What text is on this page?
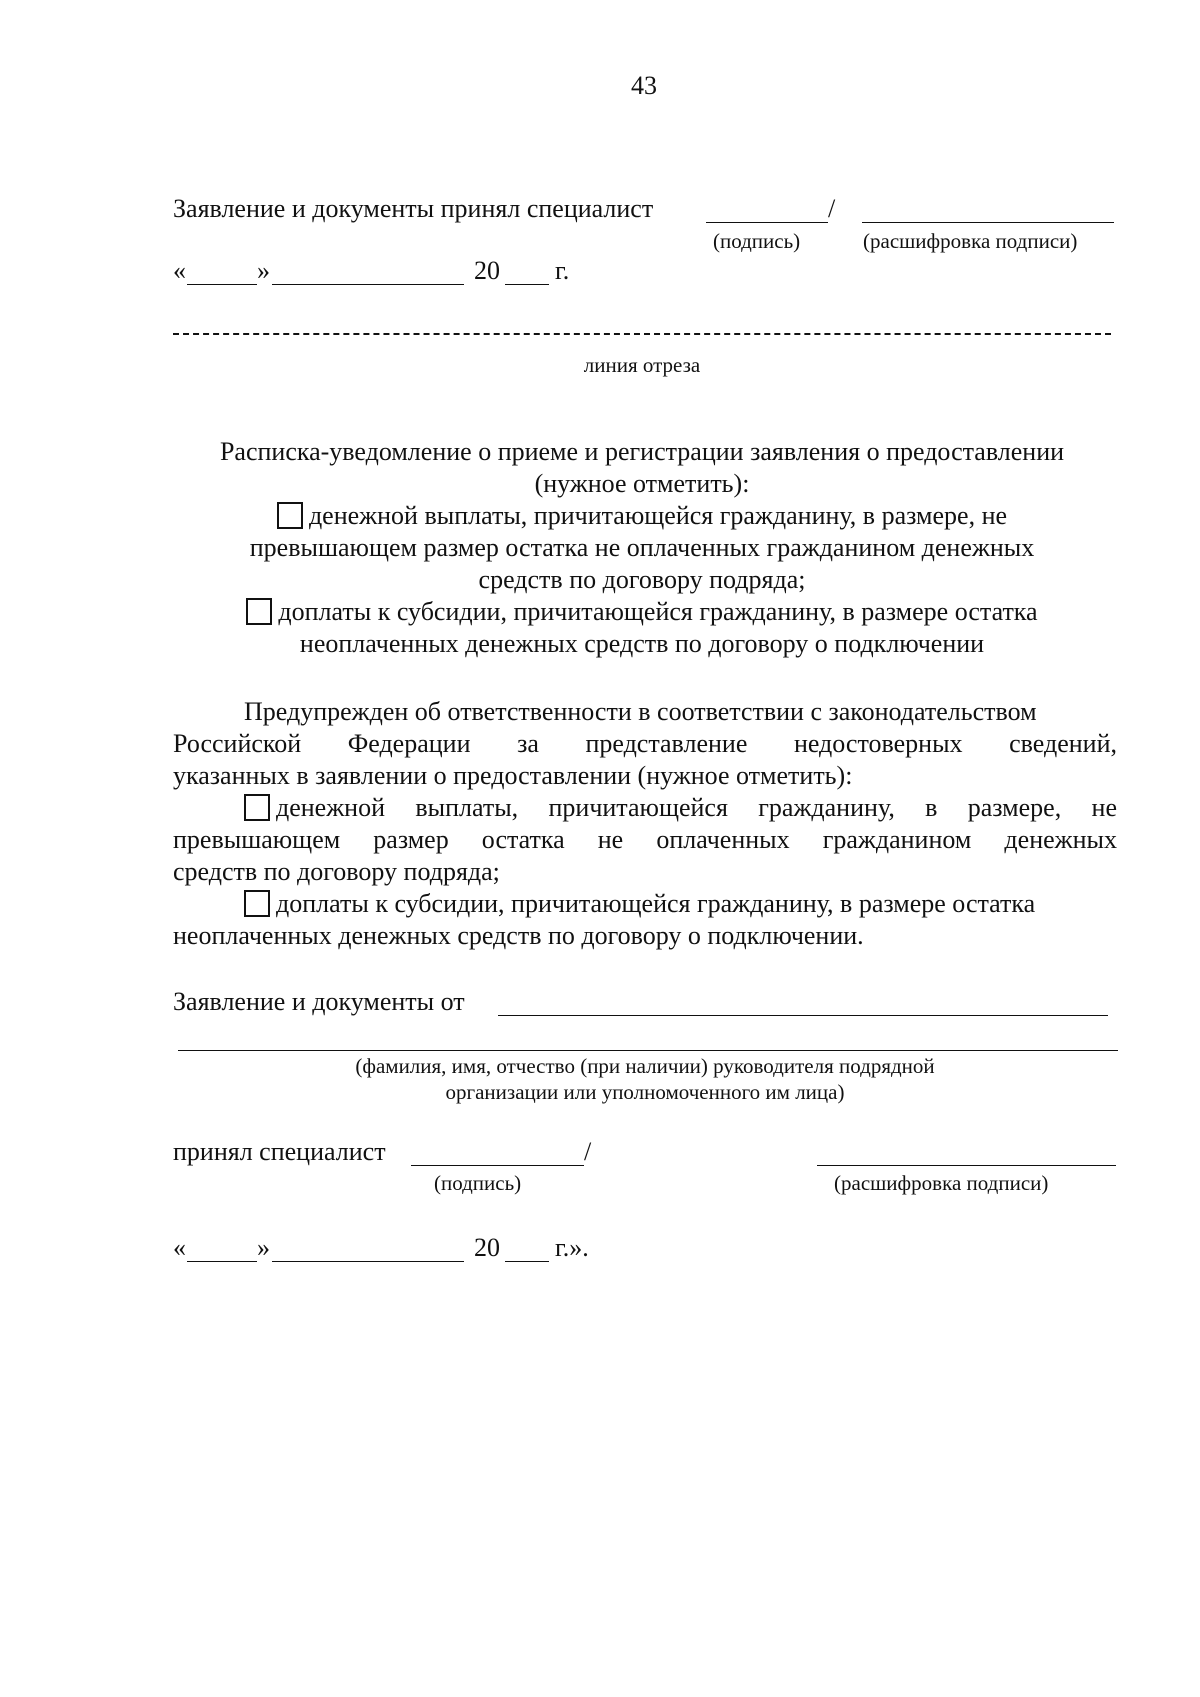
43
Заявление и документы принял специалист	/
(подпись)	(расшифровка подписи)
«	»	20 г.
линия отреза

Расписка-уведомление о приеме и регистрации заявления о предоставлении

(нужное отметить):

денежной выплаты, причитающейся гражданину, в размере, не

превышающем размер остатка не оплаченных гражданином денежных

средств по договору подряда;

доплаты к субсидии, причитающейся гражданину, в размере остатка

неоплаченных денежных средств по договору о подключении

Предупрежден об ответственности в соответствии с законодательством

Российской Федерации за представление недостоверных сведений,

указанных в заявлении о предоставлении (нужное отметить):

денежной выплаты, причитающейся гражданину, в размере, не

превышающем размер остатка не оплаченных гражданином денежных

средств по договору подряда;

доплаты к субсидии, причитающейся гражданину, в размере остатка

неоплаченных денежных средств по договору о подключении.

Заявление и документы от

(фамилия, имя, отчество (при наличии) руководителя подрядной

организации или уполномоченного им лица)

принял специалист	/
(подпись)	(расшифровка подписи)
«	»	20 г.».
